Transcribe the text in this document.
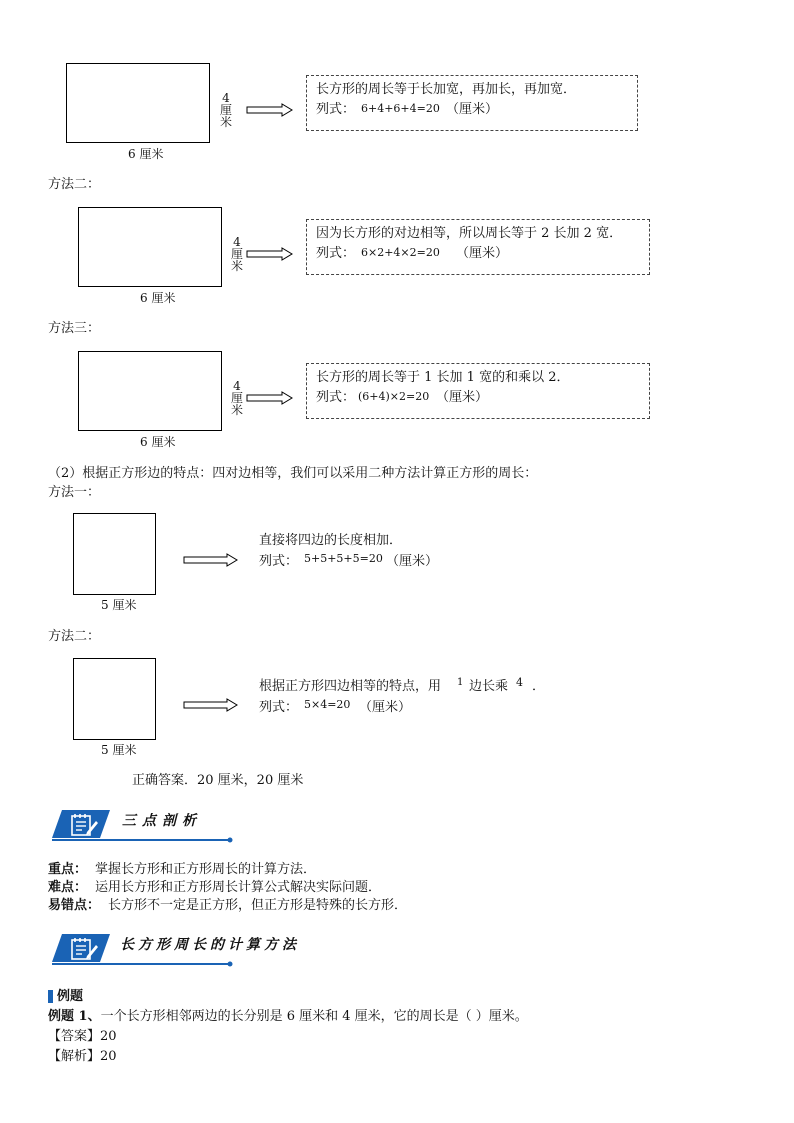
4
厘
米
6 厘米
长方形的周长等于长加宽，再加长，再加宽．
列式： 6+4+6+4=20 （厘米）
方法二：
4
厘
米
6 厘米
因为长方形的对边相等，所以周长等于 2 长加 2 宽．
列式： 6×2+4×2=20 （厘米）
方法三：
4
厘
米
6 厘米
长方形的周长等于 1 长加 1 宽的和乘以 2．
列式： (6+4)×2=20 （厘米）
（2）根据正方形边的特点：四对边相等，我们可以采用二种方法计算正方形的周长：
方法一：
5 厘米
直接将四边的长度相加．
列式： 5+5+5+5=20 （厘米）
方法二：
5 厘米
根据正方形四边相等的特点，用 1 边长乘 4 ．
列式： 5×4=20 （厘米）
正确答案．20 厘米，20 厘米
三点剖析
重点： 掌握长方形和正方形周长的计算方法．
难点： 运用长方形和正方形周长计算公式解决实际问题．
易错点： 长方形不一定是正方形，但正方形是特殊的长方形．
长方形周长的计算方法
例题
例题 1、一个长方形相邻两边的长分别是 6 厘米和 4 厘米，它的周长是（ ）厘米。
【答案】20
【解析】20
